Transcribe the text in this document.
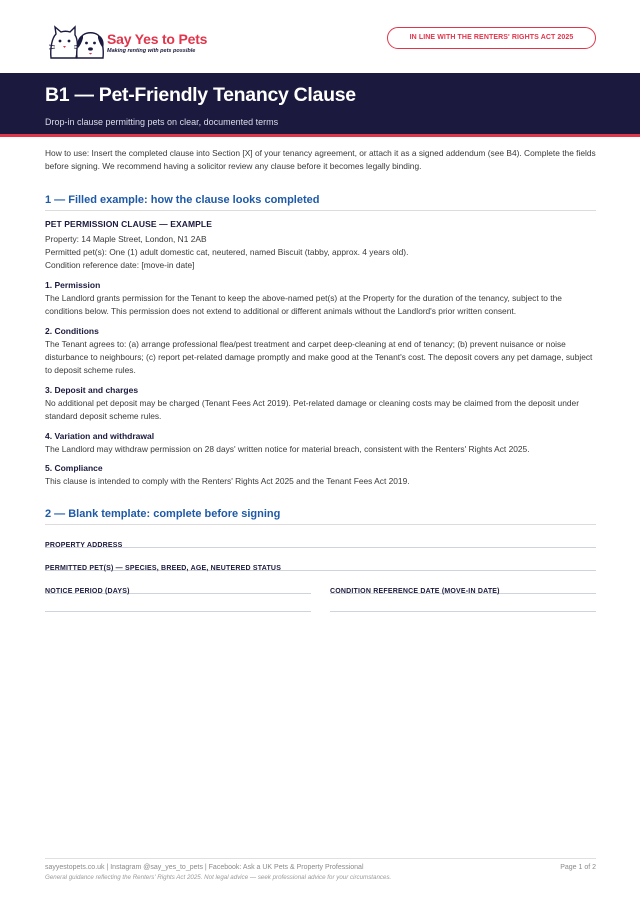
Say Yes to Pets
Making renting with pets possible
IN LINE WITH THE RENTERS' RIGHTS ACT 2025
B1 — Pet-Friendly Tenancy Clause
Drop-in clause permitting pets on clear, documented terms

How to use: Insert the completed clause into Section [X] of your tenancy agreement, or attach it as a signed addendum (see B4). Complete the fields before signing. We recommend having a solicitor review any clause before it becomes legally binding.

1 — Filled example: how the clause looks completed
PET PERMISSION CLAUSE — EXAMPLE
Property: 14 Maple Street, London, N1 2AB
Permitted pet(s): One (1) adult domestic cat, neutered, named Biscuit (tabby, approx. 4 years old).
Condition reference date: [move-in date]
1. Permission
The Landlord grants permission for the Tenant to keep the above-named pet(s) at the Property for the duration of the tenancy, subject to the conditions below. This permission does not extend to additional or different animals without the Landlord's prior written consent.
2. Conditions
The Tenant agrees to: (a) arrange professional flea/pest treatment and carpet deep-cleaning at end of tenancy; (b) prevent nuisance or noise disturbance to neighbours; (c) report pet-related damage promptly and make good at the Tenant's cost. The deposit covers any pet damage, subject to deposit scheme rules.
3. Deposit and charges
No additional pet deposit may be charged (Tenant Fees Act 2019). Pet-related damage or cleaning costs may be claimed from the deposit under standard deposit scheme rules.
4. Variation and withdrawal
The Landlord may withdraw permission on 28 days' written notice for material breach, consistent with the Renters' Rights Act 2025.
5. Compliance
This clause is intended to comply with the Renters' Rights Act 2025 and the Tenant Fees Act 2019.
2 — Blank template: complete before signing
PROPERTY ADDRESS
PERMITTED PET(S) — SPECIES, BREED, AGE, NEUTERED STATUS
NOTICE PERIOD (DAYS)	CONDITION REFERENCE DATE (MOVE-IN DATE)
sayyestopets.co.uk | Instagram @say_yes_to_pets | Facebook: Ask a UK Pets & Property Professional	Page 1 of 2
General guidance reflecting the Renters' Rights Act 2025. Not legal advice — seek professional advice for your circumstances.
